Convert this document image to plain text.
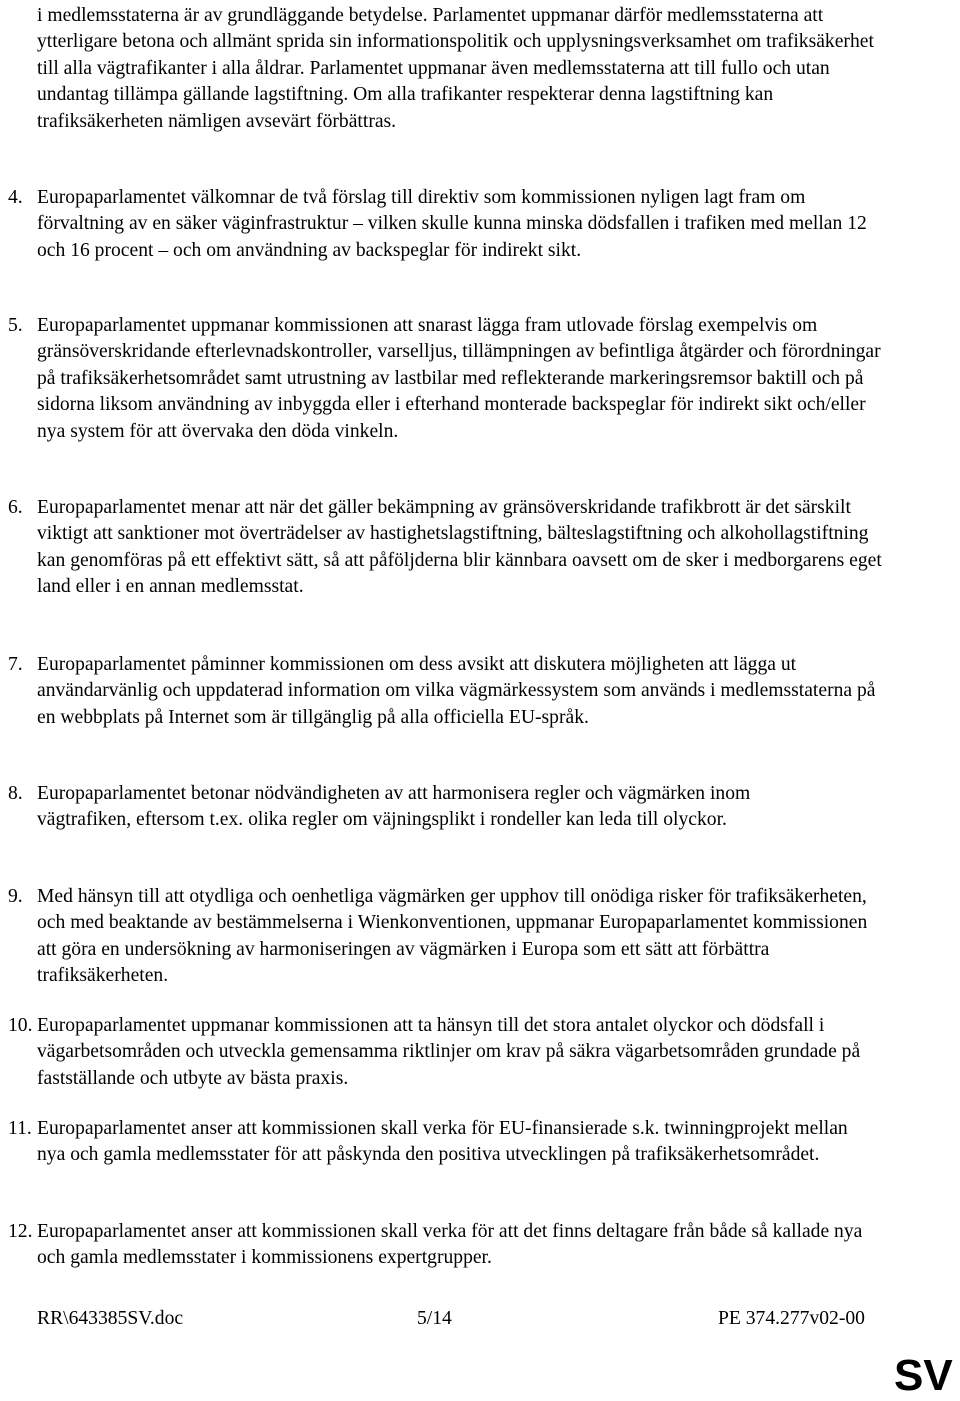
i medlemsstaterna är av grundläggande betydelse. Parlamentet uppmanar därför medlemsstaterna att ytterligare betona och allmänt sprida sin informationspolitik och upplysningsverksamhet om trafiksäkerhet till alla vägtrafikanter i alla åldrar. Parlamentet uppmanar även medlemsstaterna att till fullo och utan undantag tillämpa gällande lagstiftning. Om alla trafikanter respekterar denna lagstiftning kan trafiksäkerheten nämligen avsevärt förbättras.
4. Europaparlamentet välkomnar de två förslag till direktiv som kommissionen nyligen lagt fram om förvaltning av en säker väginfrastruktur – vilken skulle kunna minska dödsfallen i trafiken med mellan 12 och 16 procent – och om användning av backspeglar för indirekt sikt.
5. Europaparlamentet uppmanar kommissionen att snarast lägga fram utlovade förslag exempelvis om gränsöverskridande efterlevnadskontroller, varselljus, tillämpningen av befintliga åtgärder och förordningar på trafiksäkerhetsområdet samt utrustning av lastbilar med reflekterande markeringsremsor baktill och på sidorna liksom användning av inbyggda eller i efterhand monterade backspeglar för indirekt sikt och/eller nya system för att övervaka den döda vinkeln.
6. Europaparlamentet menar att när det gäller bekämpning av gränsöverskridande trafikbrott är det särskilt viktigt att sanktioner mot överträdelser av hastighetslagstiftning, bälteslagstiftning och alkohollagstiftning kan genomföras på ett effektivt sätt, så att påföljderna blir kännbara oavsett om de sker i medborgarens eget land eller i en annan medlemsstat.
7. Europaparlamentet påminner kommissionen om dess avsikt att diskutera möjligheten att lägga ut användarvänlig och uppdaterad information om vilka vägmärkessystem som används i medlemsstaterna på en webbplats på Internet som är tillgänglig på alla officiella EU-språk.
8. Europaparlamentet betonar nödvändigheten av att harmonisera regler och vägmärken inom vägtrafiken, eftersom t.ex. olika regler om väjningsplikt i rondeller kan leda till olyckor.
9. Med hänsyn till att otydliga och oenhetliga vägmärken ger upphov till onödiga risker för trafiksäkerheten, och med beaktande av bestämmelserna i Wienkonventionen, uppmanar Europaparlamentet kommissionen att göra en undersökning av harmoniseringen av vägmärken i Europa som ett sätt att förbättra trafiksäkerheten.
10. Europaparlamentet uppmanar kommissionen att ta hänsyn till det stora antalet olyckor och dödsfall i vägarbetsområden och utveckla gemensamma riktlinjer om krav på säkra vägarbetsområden grundade på fastställande och utbyte av bästa praxis.
11. Europaparlamentet anser att kommissionen skall verka för EU-finansierade s.k. twinningprojekt mellan nya och gamla medlemsstater för att påskynda den positiva utvecklingen på trafiksäkerhetsområdet.
12. Europaparlamentet anser att kommissionen skall verka för att det finns deltagare från både så kallade nya och gamla medlemsstater i kommissionens expertgrupper.
RR\643385SV.doc	5/14	PE 374.277v02-00
SV
